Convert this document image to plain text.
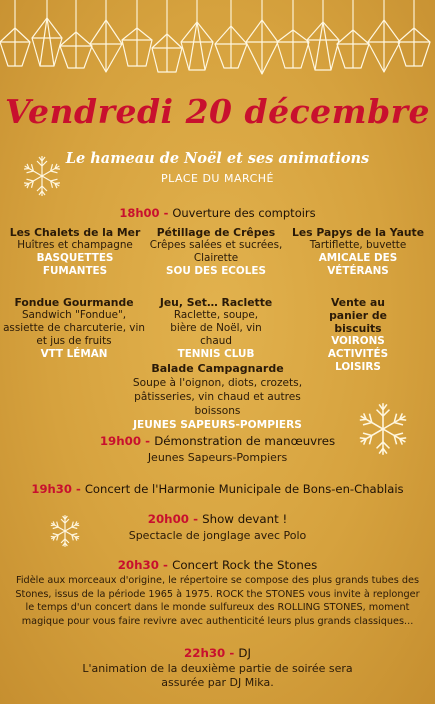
Vendredi 20 décembre
Le hameau de Noël et ses animations
PLACE DU MARCHÉ
18h00 - Ouverture des comptoirs
Les Chalets de la Mer
Huîtres et champagne
BASQUETTES FUMANTES
Pétillage de Crêpes
Crêpes salées et sucrées, Clairette
SOU DES ECOLES
Les Papys de la Yaute
Tartiflette, buvette
AMICALE DES VÉTÉRANS
Fondue Gourmande
Sandwich "Fondue", assiette de charcuterie, vin et jus de fruits
VTT LÉMAN
Jeu, Set… Raclette
Raclette, soupe, bière de Noël, vin chaud
TENNIS CLUB
Vente au panier de biscuits
VOIRONS ACTIVITÉS LOISIRS
Balade Campagnarde
Soupe à l'oignon, diots, crozets, pâtisseries, vin chaud et autres boissons
JEUNES SAPEURS-POMPIERS
19h00 - Démonstration de manœuvres
Jeunes Sapeurs-Pompiers
19h30 - Concert de l'Harmonie Municipale de Bons-en-Chablais
20h00 - Show devant !
Spectacle de jonglage avec Polo
20h30 - Concert Rock the Stones
Fidèle aux morceaux d'origine, le répertoire se compose des plus grands tubes des Stones, issus de la période 1965 à 1975. ROCK the STONES vous invite à replonger le temps d'un concert dans le monde sulfureux des ROLLING STONES, moment magique pour vous faire revivre avec authenticité leurs plus grands classiques...
22h30 - DJ
L'animation de la deuxième partie de soirée sera assurée par DJ Mika.
